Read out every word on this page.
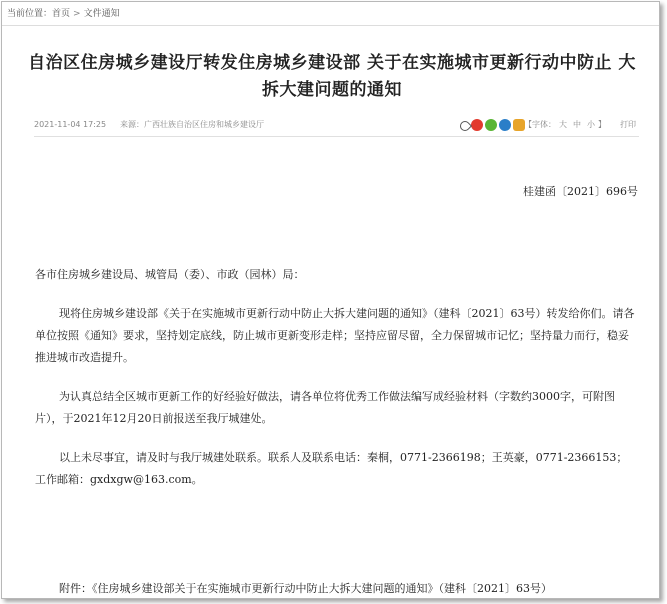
当前位置：首页 > 文件通知
自治区住房城乡建设厅转发住房城乡建设部 关于在实施城市更新行动中防止 大拆大建问题的通知
2021-11-04 17:25 来源：广西壮族自治区住房和城乡建设厅	【字体： 大 中 小 】 打印
桂建函〔2021〕696号

各市住房城乡建设局、城管局（委）、市政（园林）局：

现将住房城乡建设部《关于在实施城市更新行动中防止大拆大建问题的通知》（建科〔2021〕63号）转发给你们。请各单位按照《通知》要求，坚持划定底线，防止城市更新变形走样；坚持应留尽留，全力保留城市记忆；坚持量力而行，稳妥推进城市改造提升。

为认真总结全区城市更新工作的好经验好做法，请各单位将优秀工作做法编写成经验材料（字数约3000字，可附图片），于2021年12月20日前报送至我厅城建处。

以上未尽事宜，请及时与我厅城建处联系。联系人及联系电话：秦桐，0771-2366198；王英豪，0771-2366153；工作邮箱：gxdxgw@163.com。

附件：《住房城乡建设部关于在实施城市更新行动中防止大拆大建问题的通知》（建科〔2021〕63号）
